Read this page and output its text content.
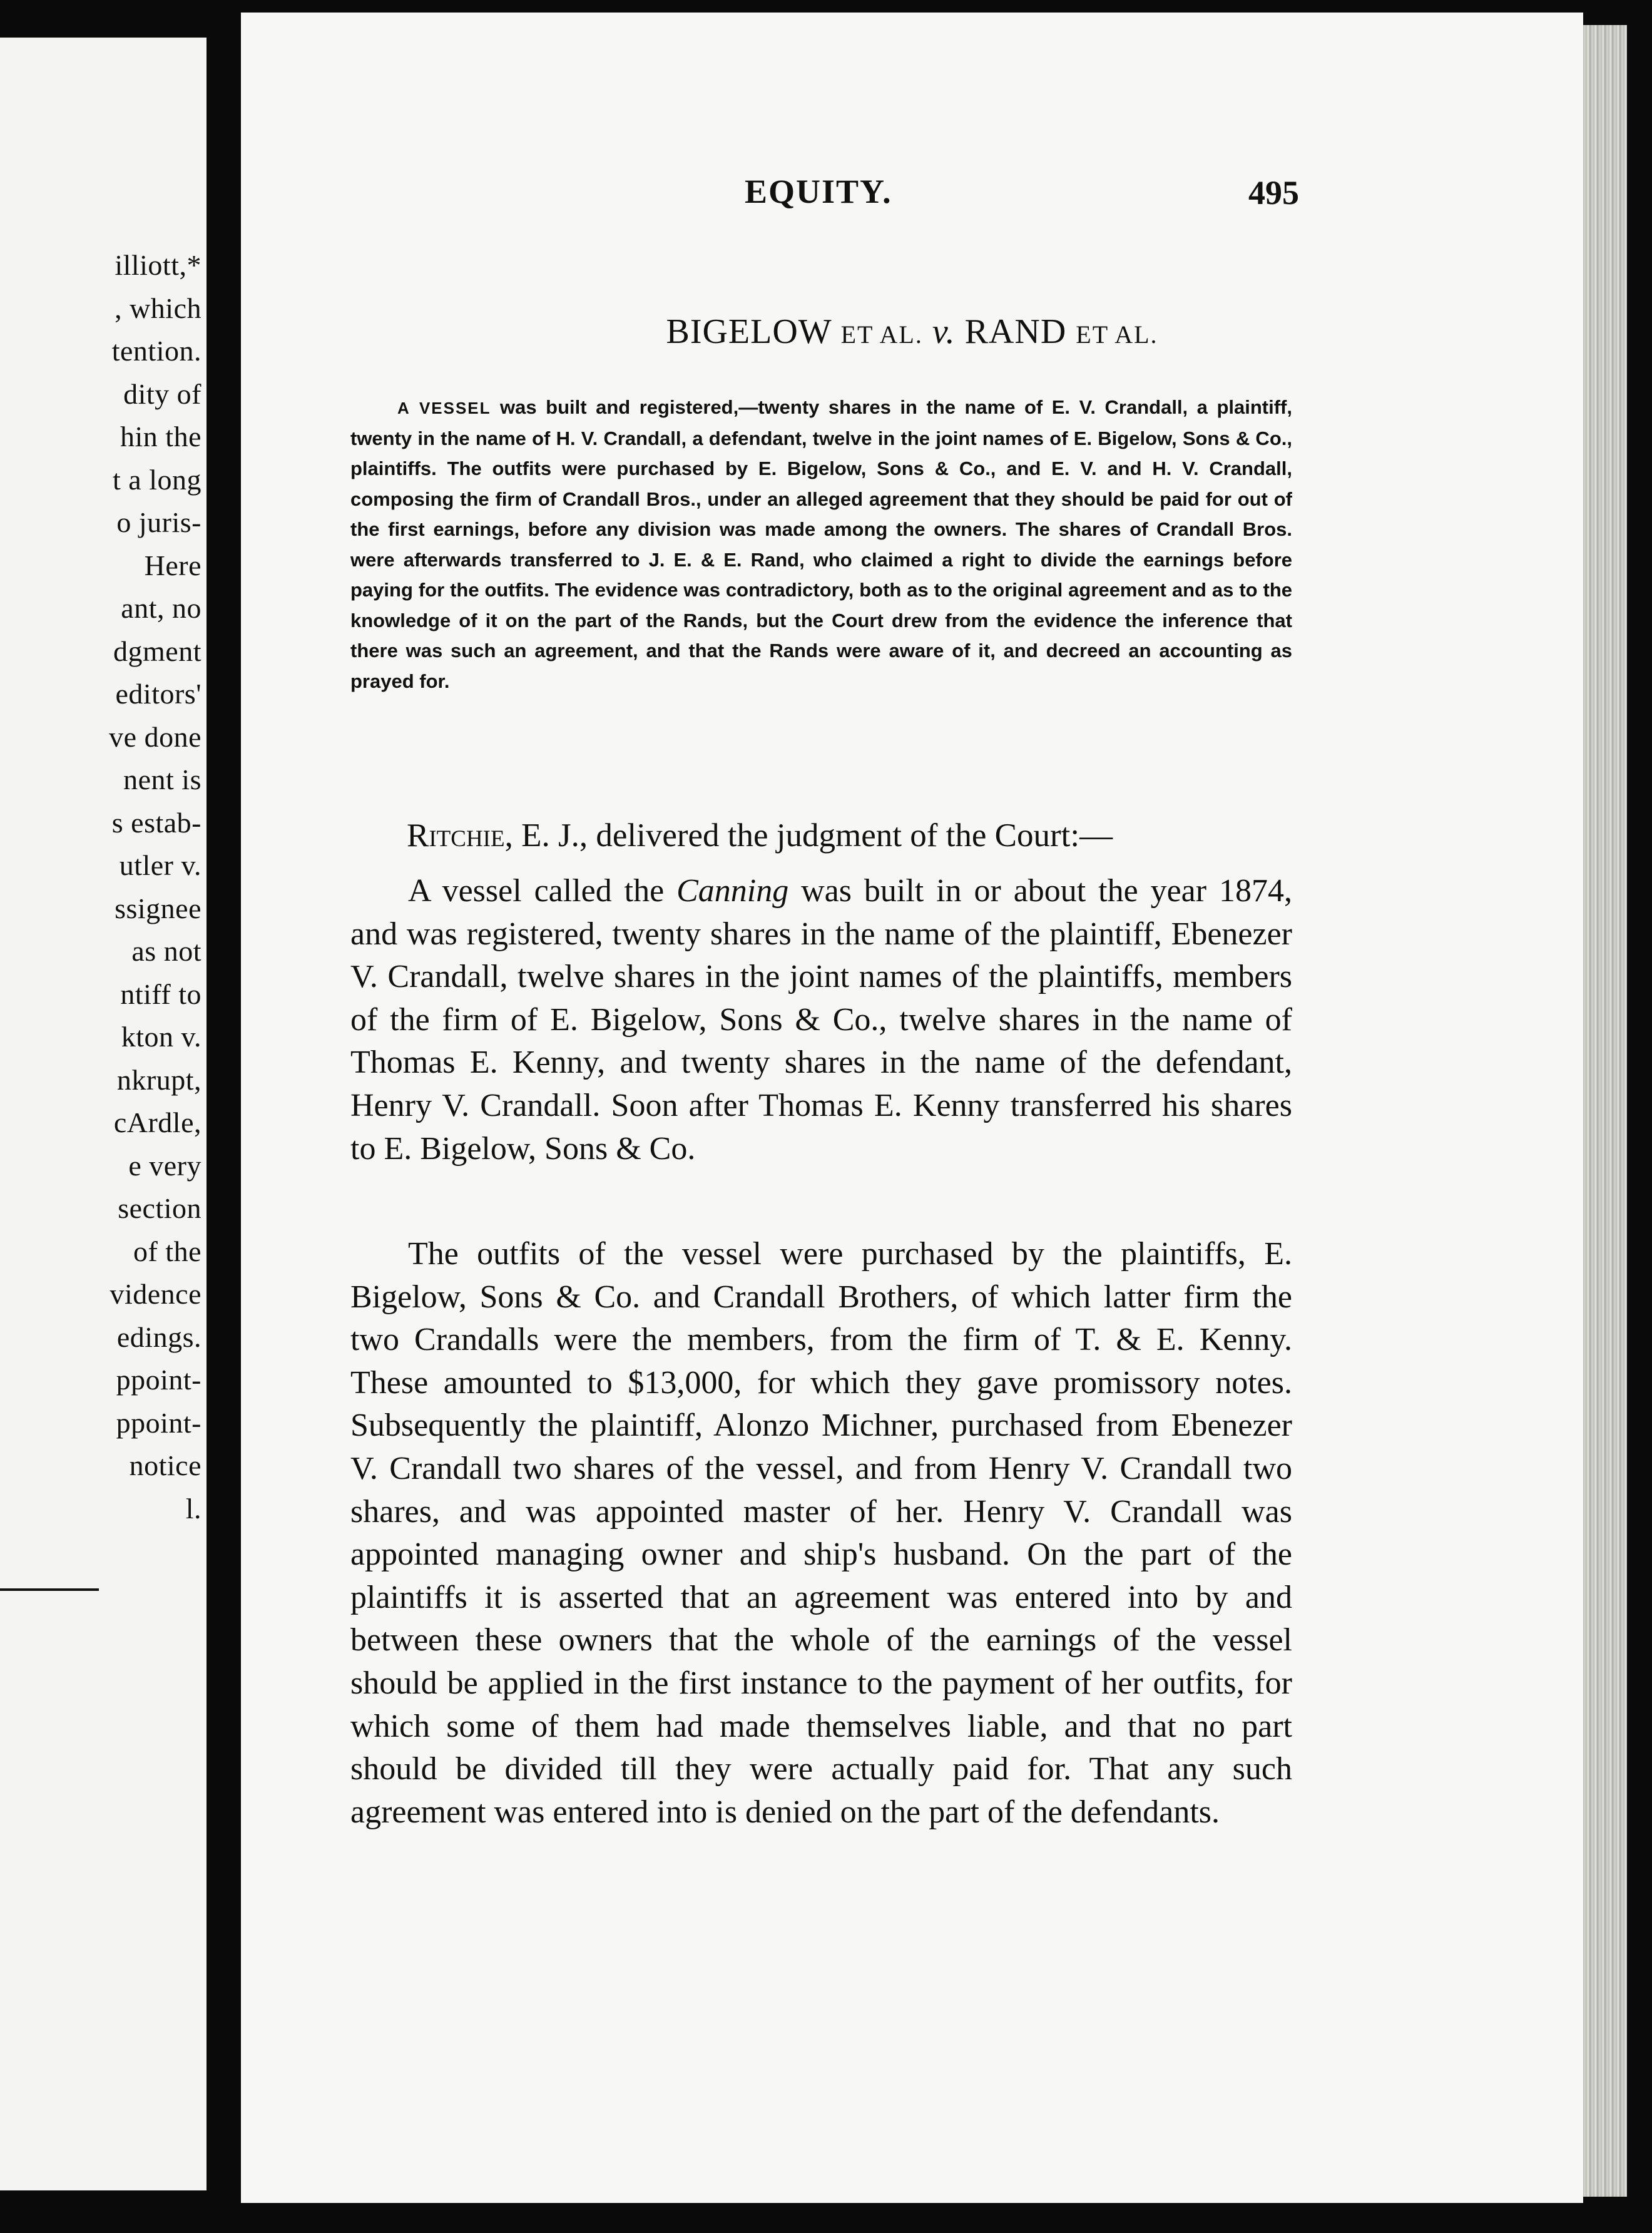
illiott,*
, which
tention.
dity of
hin the
t a long
o juris-
Here
ant, no
dgment
editors'
ve done
nent is
s estab-
utler v.
ssignee
as not
ntiff to
kton v.
nkrupt,
cArdle,
e very
section
of the
vidence
edings.
ppoint-
ppoint-
notice
l.
EQUITY.	495
BIGELOW ET AL. v. RAND ET AL.

A VESSEL was built and registered,—twenty shares in the name of E. V. Crandall, a plaintiff, twenty in the name of H. V. Crandall, a defendant, twelve in the joint names of E. Bigelow, Sons & Co., plaintiffs. The outfits were purchased by E. Bigelow, Sons & Co., and E. V. and H. V. Crandall, composing the firm of Crandall Bros., under an alleged agreement that they should be paid for out of the first earnings, before any division was made among the owners. The shares of Crandall Bros. were afterwards transferred to J. E. & E. Rand, who claimed a right to divide the earnings before paying for the outfits. The evidence was contradictory, both as to the original agreement and as to the knowledge of it on the part of the Rands, but the Court drew from the evidence the inference that there was such an agreement, and that the Rands were aware of it, and decreed an accounting as prayed for.

Ritchie, E. J., delivered the judgment of the Court:—

A vessel called the Canning was built in or about the year 1874, and was registered, twenty shares in the name of the plaintiff, Ebenezer V. Crandall, twelve shares in the joint names of the plaintiffs, members of the firm of E. Bigelow, Sons & Co., twelve shares in the name of Thomas E. Kenny, and twenty shares in the name of the defendant, Henry V. Crandall. Soon after Thomas E. Kenny transferred his shares to E. Bigelow, Sons & Co.

The outfits of the vessel were purchased by the plaintiffs, E. Bigelow, Sons & Co. and Crandall Brothers, of which latter firm the two Crandalls were the members, from the firm of T. & E. Kenny. These amounted to $13,000, for which they gave promissory notes. Subsequently the plaintiff, Alonzo Michner, purchased from Ebenezer V. Crandall two shares of the vessel, and from Henry V. Crandall two shares, and was appointed master of her. Henry V. Crandall was appointed managing owner and ship's husband. On the part of the plaintiffs it is asserted that an agreement was entered into by and between these owners that the whole of the earnings of the vessel should be applied in the first instance to the payment of her outfits, for which some of them had made themselves liable, and that no part should be divided till they were actually paid for. That any such agreement was entered into is denied on the part of the defendants.
